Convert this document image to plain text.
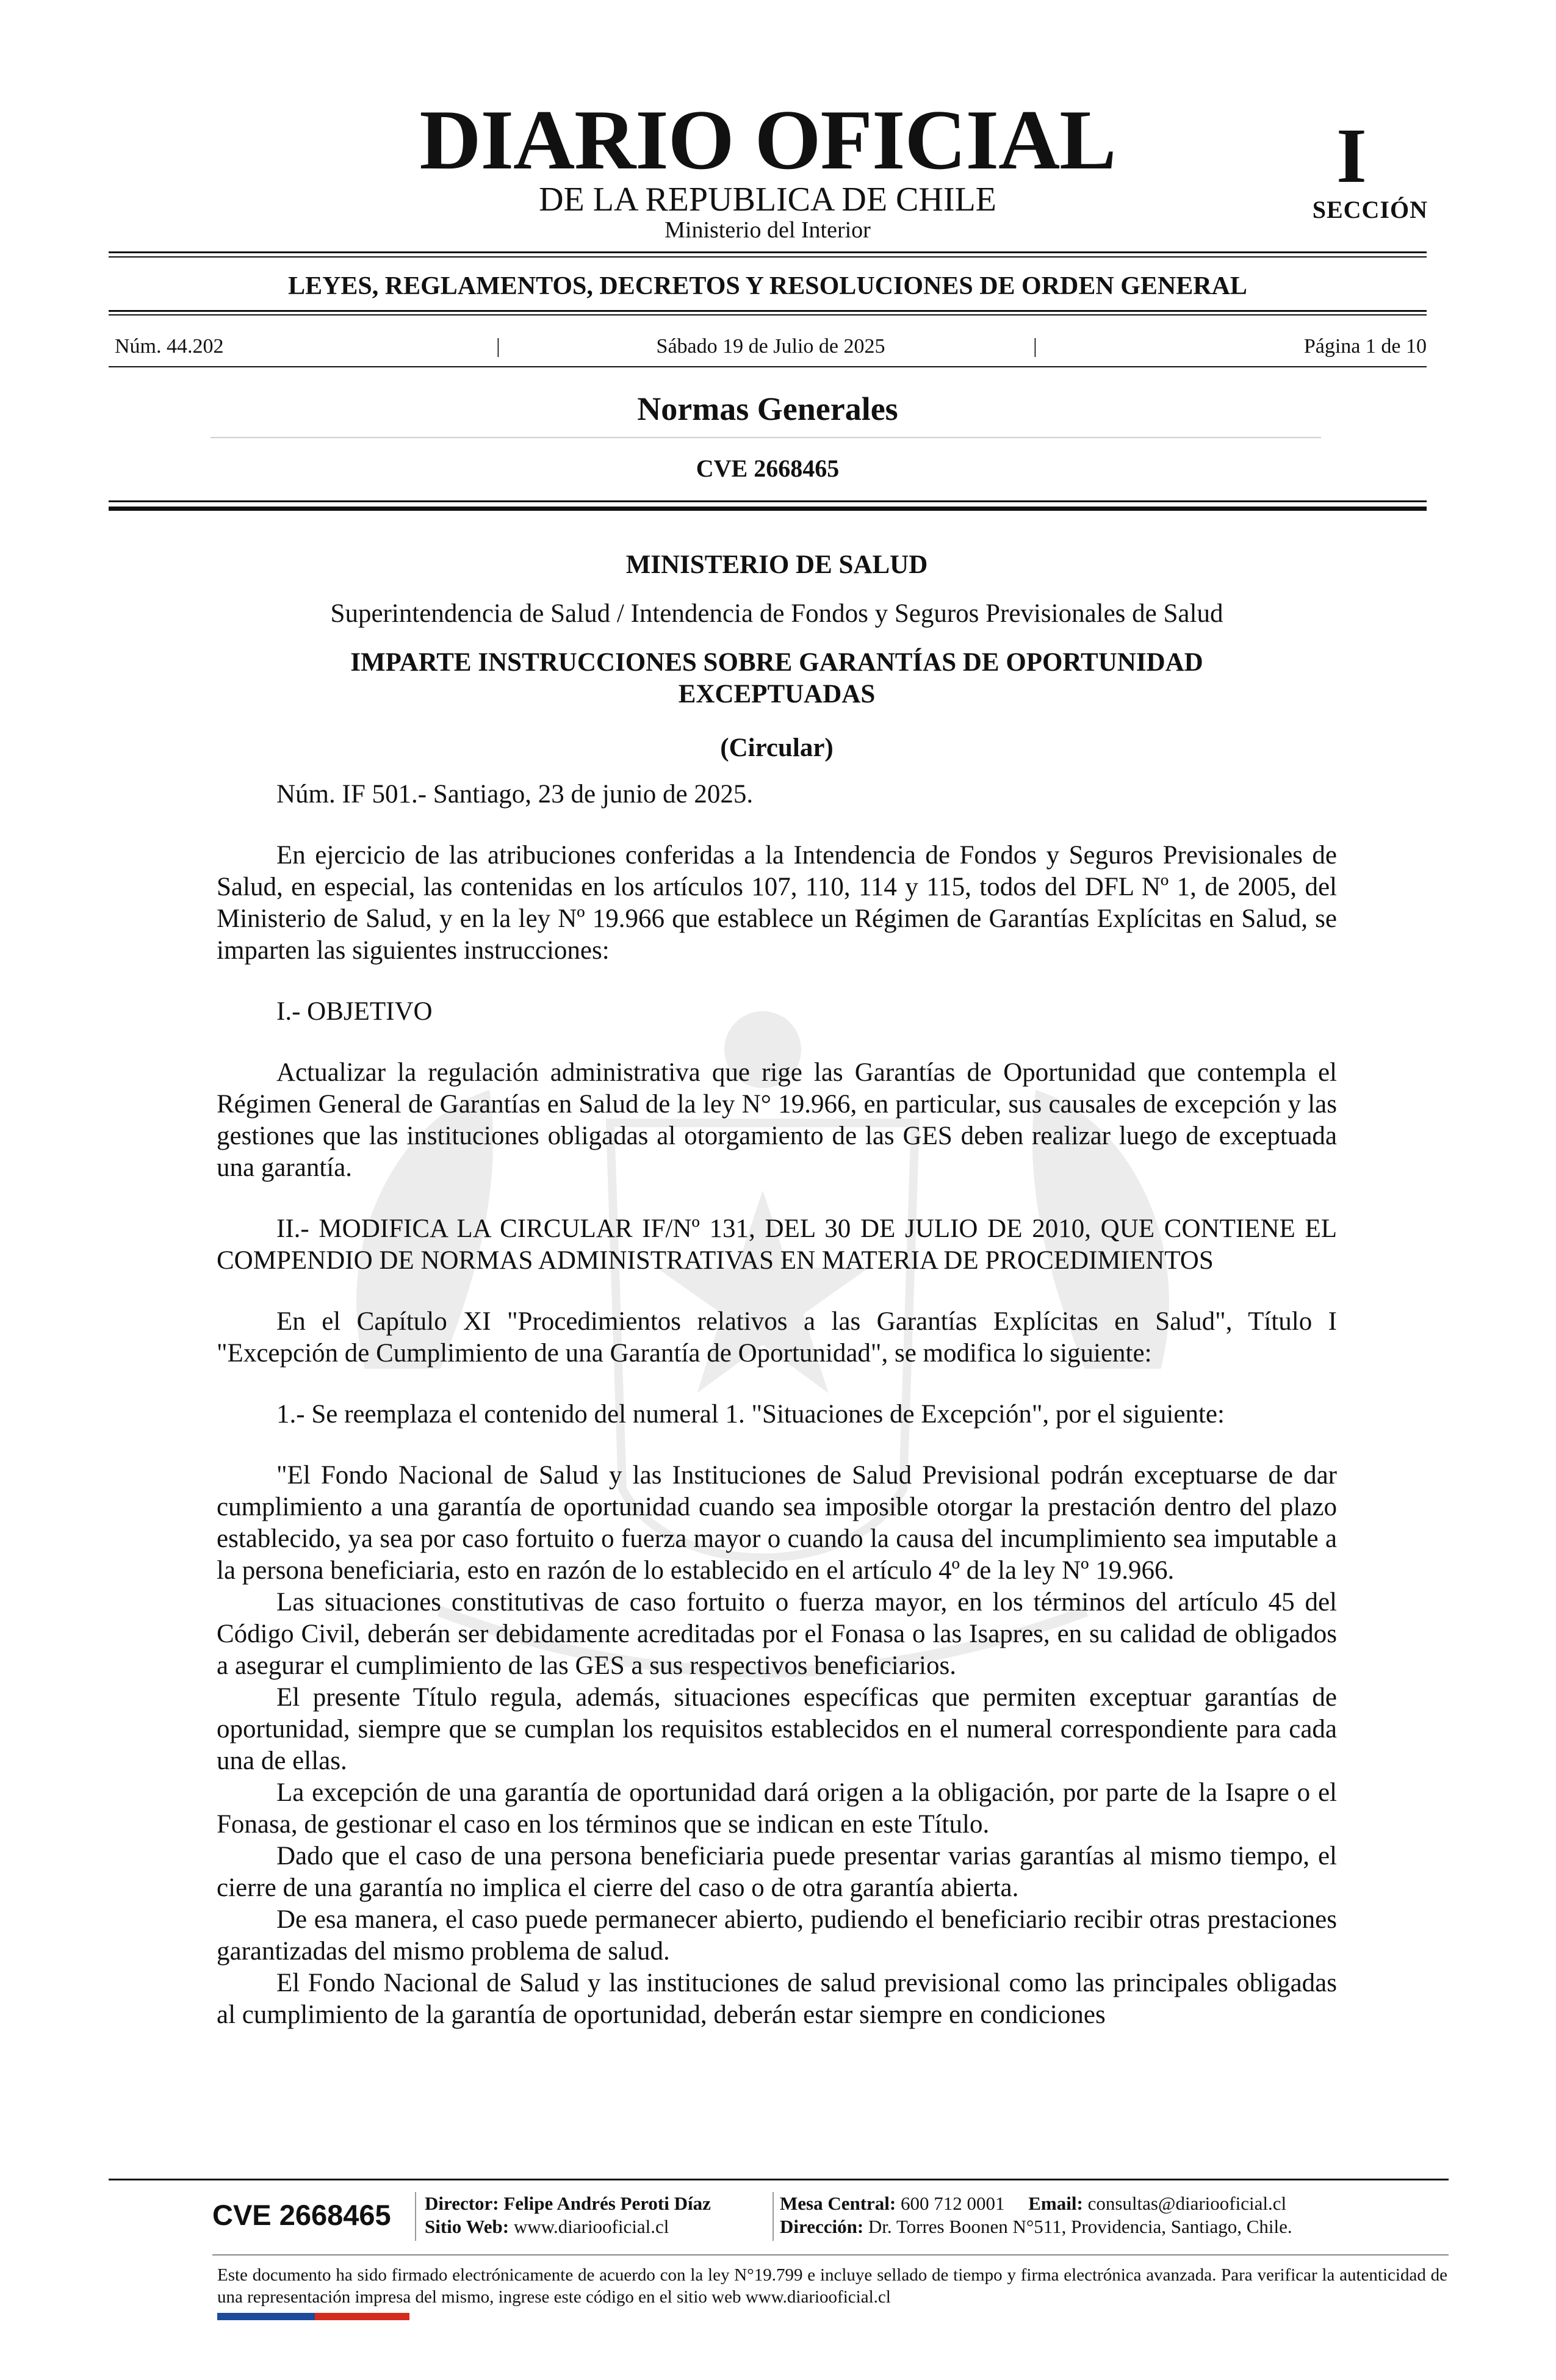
DIARIO OFICIAL
DE LA REPUBLICA DE CHILE
Ministerio del Interior
I
SECCIÓN
LEYES, REGLAMENTOS, DECRETOS Y RESOLUCIONES DE ORDEN GENERAL
Núm. 44.202	|	Sábado 19 de Julio de 2025	|	Página 1 de 10
Normas Generales
CVE 2668465

MINISTERIO DE SALUD

Superintendencia de Salud / Intendencia de Fondos y Seguros Previsionales de Salud

IMPARTE INSTRUCCIONES SOBRE GARANTÍAS DE OPORTUNIDAD EXCEPTUADAS

(Circular)

Núm. IF 501.- Santiago, 23 de junio de 2025.

En ejercicio de las atribuciones conferidas a la Intendencia de Fondos y Seguros Previsionales de Salud, en especial, las contenidas en los artículos 107, 110, 114 y 115, todos del DFL Nº 1, de 2005, del Ministerio de Salud, y en la ley Nº 19.966 que establece un Régimen de Garantías Explícitas en Salud, se imparten las siguientes instrucciones:

I.- OBJETIVO

Actualizar la regulación administrativa que rige las Garantías de Oportunidad que contempla el Régimen General de Garantías en Salud de la ley N° 19.966, en particular, sus causales de excepción y las gestiones que las instituciones obligadas al otorgamiento de las GES deben realizar luego de exceptuada una garantía.

II.- MODIFICA LA CIRCULAR IF/Nº 131, DEL 30 DE JULIO DE 2010, QUE CONTIENE EL COMPENDIO DE NORMAS ADMINISTRATIVAS EN MATERIA DE PROCEDIMIENTOS

En el Capítulo XI "Procedimientos relativos a las Garantías Explícitas en Salud", Título I "Excepción de Cumplimiento de una Garantía de Oportunidad", se modifica lo siguiente:

1.- Se reemplaza el contenido del numeral 1. "Situaciones de Excepción", por el siguiente:

"El Fondo Nacional de Salud y las Instituciones de Salud Previsional podrán exceptuarse de dar cumplimiento a una garantía de oportunidad cuando sea imposible otorgar la prestación dentro del plazo establecido, ya sea por caso fortuito o fuerza mayor o cuando la causa del incumplimiento sea imputable a la persona beneficiaria, esto en razón de lo establecido en el artículo 4º de la ley Nº 19.966.

Las situaciones constitutivas de caso fortuito o fuerza mayor, en los términos del artículo 45 del Código Civil, deberán ser debidamente acreditadas por el Fonasa o las Isapres, en su calidad de obligados a asegurar el cumplimiento de las GES a sus respectivos beneficiarios.

El presente Título regula, además, situaciones específicas que permiten exceptuar garantías de oportunidad, siempre que se cumplan los requisitos establecidos en el numeral correspondiente para cada una de ellas.

La excepción de una garantía de oportunidad dará origen a la obligación, por parte de la Isapre o el Fonasa, de gestionar el caso en los términos que se indican en este Título.

Dado que el caso de una persona beneficiaria puede presentar varias garantías al mismo tiempo, el cierre de una garantía no implica el cierre del caso o de otra garantía abierta.

De esa manera, el caso puede permanecer abierto, pudiendo el beneficiario recibir otras prestaciones garantizadas del mismo problema de salud.

El Fondo Nacional de Salud y las instituciones de salud previsional como las principales obligadas al cumplimiento de la garantía de oportunidad, deberán estar siempre en condiciones

CVE 2668465 Director: Felipe Andrés Peroti Díaz
Sitio Web: www.diariooficial.cl
Mesa Central: 600 712 0001 Email: consultas@diariooficial.cl
Dirección: Dr. Torres Boonen N°511, Providencia, Santiago, Chile.
Este documento ha sido firmado electrónicamente de acuerdo con la ley N°19.799 e incluye sellado de tiempo y firma electrónica avanzada. Para verificar la autenticidad de una representación impresa del mismo, ingrese este código en el sitio web www.diariooficial.cl
